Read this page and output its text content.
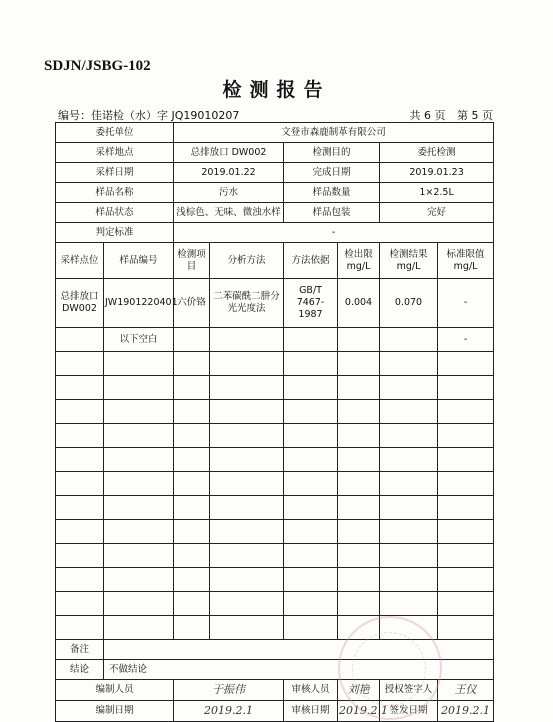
SDJN/JSBG-102
检测报告
编号：佳诺检（水）字 JQ19010207	共 6 页 第 5 页
委托单位		文登市森鹿制革有限公司					
采样地点		总排放口 DW002		检测目的		委托检测	
采样日期		2019.01.22		完成日期		2019.01.23	
样品名称		污水		样品数量		1×2.5L	
样品状态		浅棕色、无味、微浊水样		样品包装		完好	
判定标准		-					
采样点位	样品编号	检测项目	分析方法	方法依据	检出限 mg/L	检测结果 mg/L	标准限值 mg/L
总排放口 DW002	JW1901220401	六价铬	二苯碳酰二肼分光光度法	GB/T 7467-1987	0.004	0.070	-
	以下空白						-

备注							
结论	不做结论						
编制人员		于振伟		审核人员	刘艳	授权签字人	王仪
编制日期		2019.2.1		审核日期	2019.2.1	签发日期	2019.2.1
